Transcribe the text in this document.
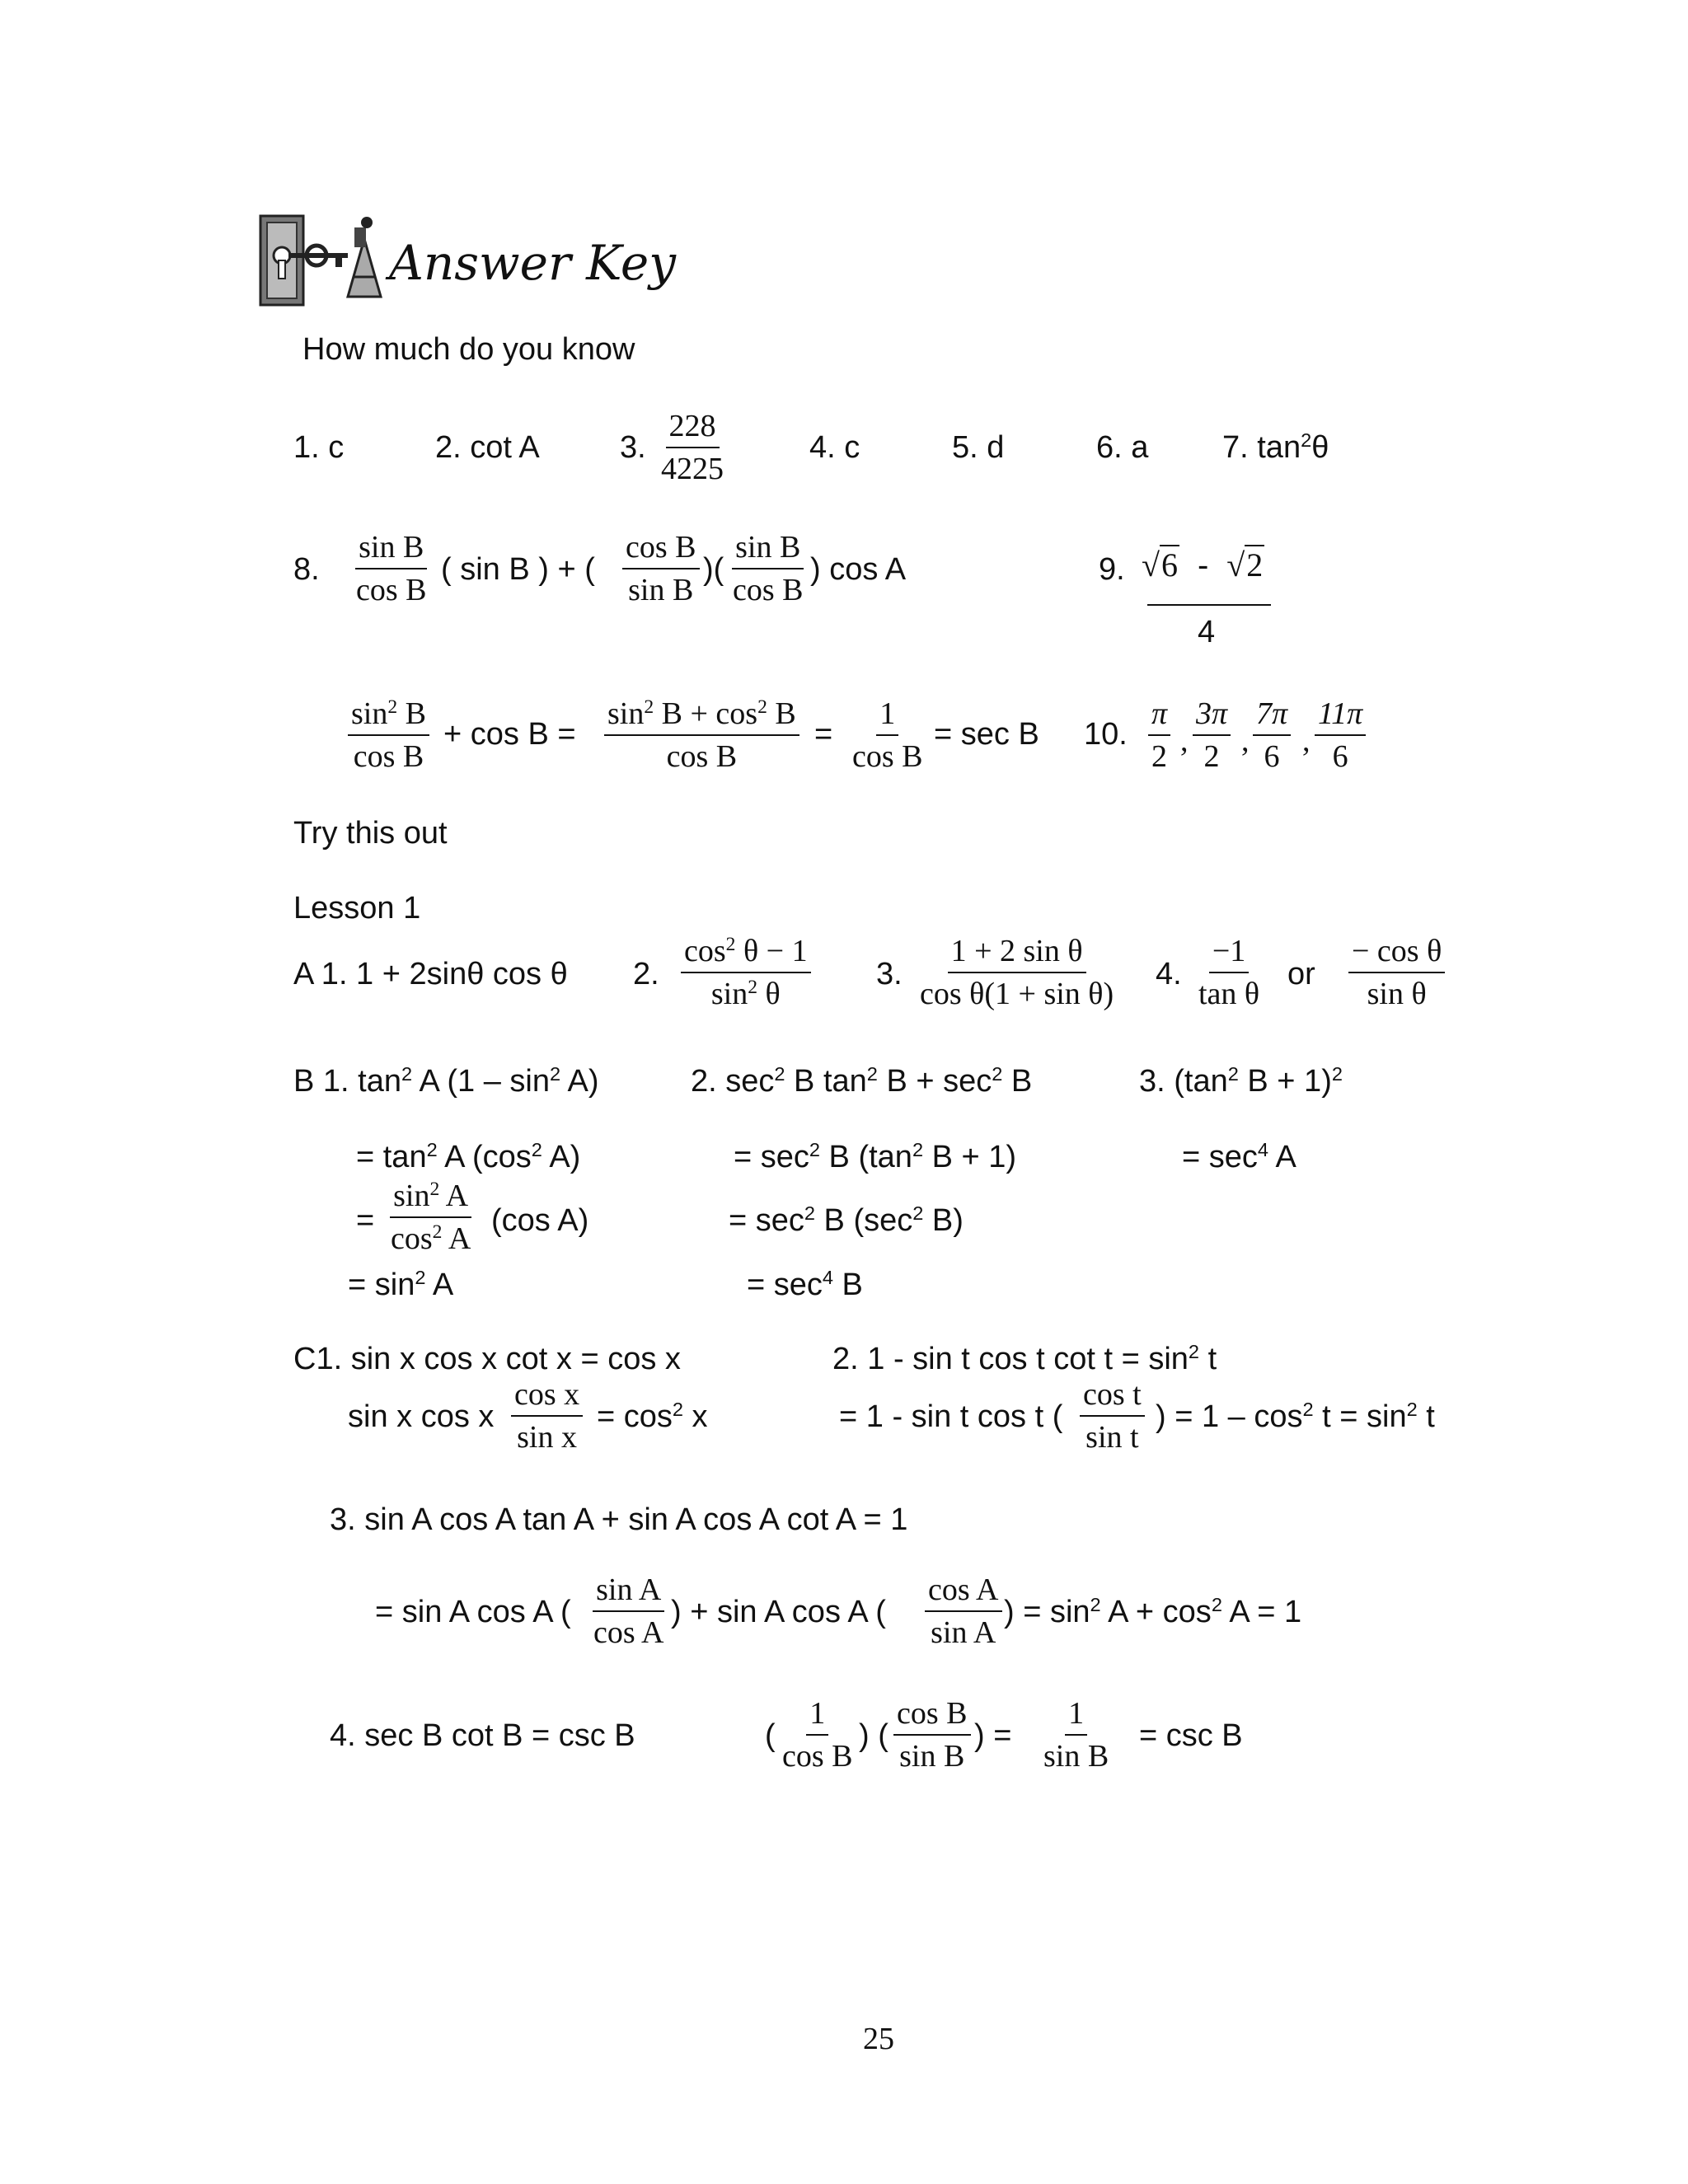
Answer Key
How much do you know
1. c	2. cot A	3. $\frac{228}{4225}$	4. c	5. d	6. a 7. $\tan^2\theta$
8. $\frac{\text{sin B}}{\text{cos B}}$ ( sin B ) + ( $\frac{\text{cos B}}{\text{sin B}}$ )( $\frac{\text{sin B}}{\text{cos B}}$ ) cos A	9. √6 - √2
4
$\frac{\sin^2 B}{\text{cos B}} + \cos B = \frac{\sin^2 B + \cos^2 B}{\text{cos B}} = \frac{1}{\text{cos B}} = \sec B$ 10. $\frac{\pi}{2}$ , $\frac{3\pi}{2}$ , $\frac{7\pi}{6}$ , $\frac{11\pi}{6}$
Try this out
Lesson 1
A 1. 1 + 2sinθ cos θ 2. $\frac{\cos^2 \theta - 1}{\sin^2 \theta} 3$. $\frac{\text{1 + 2 sin θ}}{\text{cos θ(1 + sin θ)}} 4$. $\frac{-1}{\text{tan θ}}$ or $\frac{\text{− cos θ}}{\text{sin θ}}$
B 1. $\tan^2 A$ $(1 - \sin^2 A)$	2. $\sec^2 B$ $\tan^2 B + \sec^2 B$	3. ($\tan^2$ B + 1)$^2$
= $\tan^2 A$ ($\cos^2$ A)	= $\sec^2 B$ ($\tan^2$ B + 1)	= $\sec^4 A$
= $\frac{\sin^2 A}{\cos^2 A} (\cos$ A)	= $\sec^2 B$ ($\sec^2$ B)
= $\sin^2 A$	= $\sec^4 B$
C1. sin x cos x cot x = cos x	2. 1 - sin t cos t $\cot t = \sin^2 t$
sin x cos x $\frac{\text{cos x}}{\text{sin x}} = \cos^2 x$	= 1 - sin t cos t ( $\frac{\text{cos t}}{\text{sin t}}$ ) = $1 - \cos^2 t = \sin^2 t$
3. sin A cos A tan A + sin A cos A cot A = 1
= sin A cos A ( $\frac{\text{sin A}}{\text{cos A}}$ ) + sin A cos A ( $\frac{\text{cos A}}{\text{sin A}}$ ) = $\sin^2 A + \cos^2 A = 1$
4. sec B cot B = csc B	( $\frac{1}{\text{cos B}}$ ) ( $\frac{\text{cos B}}{\text{sin B}}$ ) = $\frac{1}{\text{sin B}} = \csc B$
25
